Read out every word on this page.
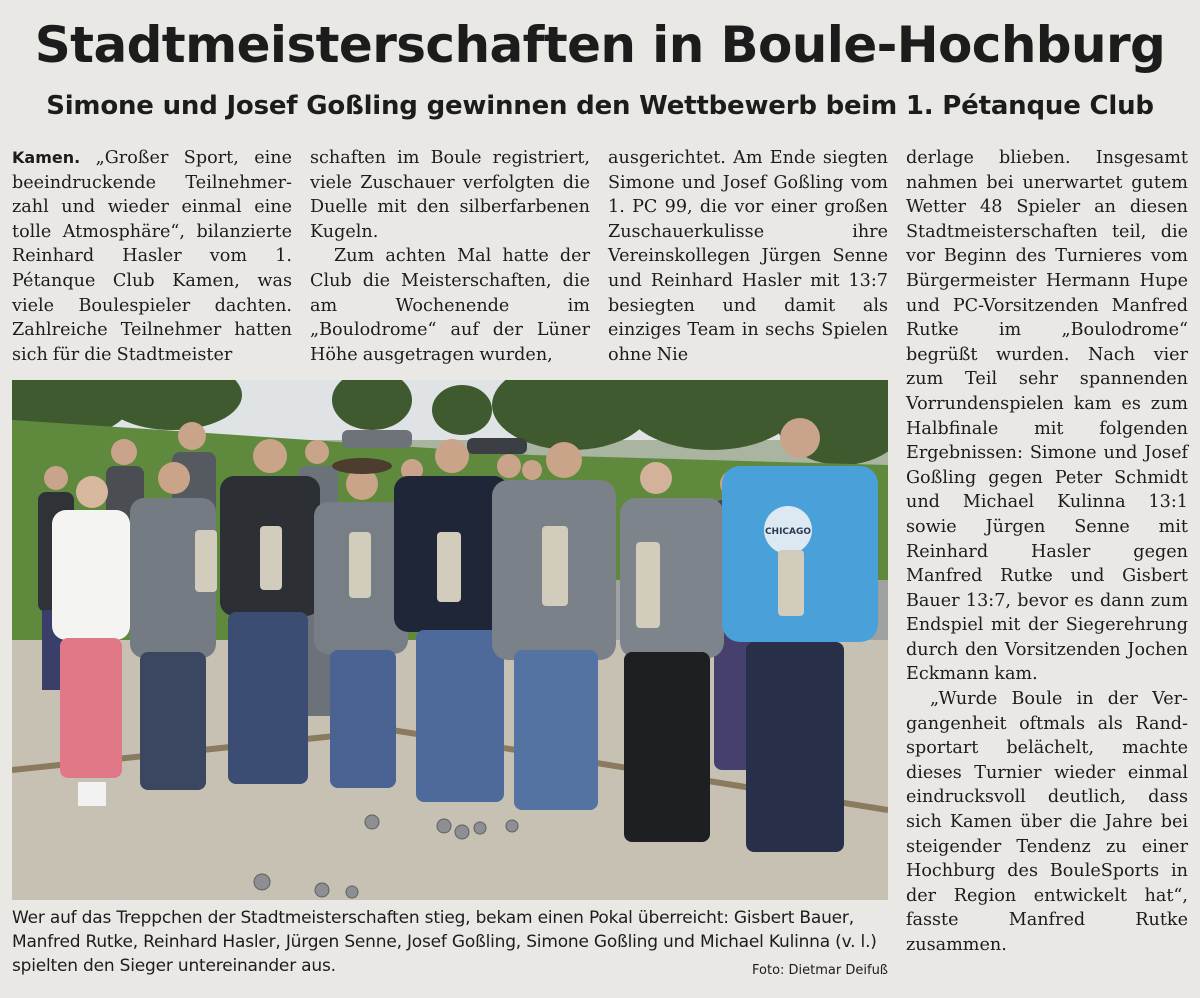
Stadtmeisterschaften in Boule-Hochburg
Simone und Josef Goßling gewinnen den Wettbewerb beim 1. Pétanque Club

Kamen. „Großer Sport, eine beeindruckende Teilnehmerzahl und wieder einmal eine tolle Atmosphäre“, bilanzierte Reinhard Hasler vom 1. Pétanque Club Kamen, was viele Boulespieler dachten. Zahlreiche Teilnehmer hatten sich für die Stadtmeister

schaften im Boule registriert, viele Zuschauer verfolgten die Duelle mit den silberfarbenen Kugeln.

Zum achten Mal hatte der Club die Meisterschaften, die am Wochenende im „Boulodrome“ auf der Lüner Höhe ausgetragen wurden,

ausgerichtet. Am Ende siegten Simone und Josef Goßling vom 1. PC 99, die vor einer großen Zuschauerkulisse ihre Vereinskollegen Jürgen Senne und Reinhard Hasler mit 13:7 besiegten und damit als einziges Team in sechs Spielen ohne Nie

derlage blieben. Insgesamt nahmen bei unerwartet gutem Wetter 48 Spieler an diesen Stadtmeisterschaften teil, die vor Beginn des Turnieres vom Bürgermeister Hermann Hupe und PC-Vorsitzenden Manfred Rutke im „Boulodrome“ begrüßt wurden. Nach vier zum Teil sehr spannenden Vorrundenspielen kam es zum Halbfinale mit folgenden Ergebnissen: Simone und Josef Goßling gegen Peter Schmidt und Michael Kulinna 13:1 sowie Jürgen Senne mit Reinhard Hasler gegen Manfred Rutke und Gisbert Bauer 13:7, bevor es dann zum Endspiel mit der Siegerehrung durch den Vorsitzenden Jochen Eckmann kam.

„Wurde Boule in der Vergangenheit oftmals als Randsportart belächelt, machte dieses Turnier wieder einmal eindrucksvoll deutlich, dass sich Kamen über die Jahre bei steigender Tendenz zu einer Hochburg des BouleSports in der Region entwickelt hat“, fasste Manfred Rutke zusammen.

CHICAGO

Wer auf das Treppchen der Stadtmeisterschaften stieg, bekam einen Pokal überreicht: Gisbert Bauer, Manfred Rutke, Reinhard Hasler, Jürgen Senne, Josef Goßling, Simone Goßling und Michael Kulinna (v. l.) spielten den Sieger untereinander aus.	Foto: Dietmar Deifuß
